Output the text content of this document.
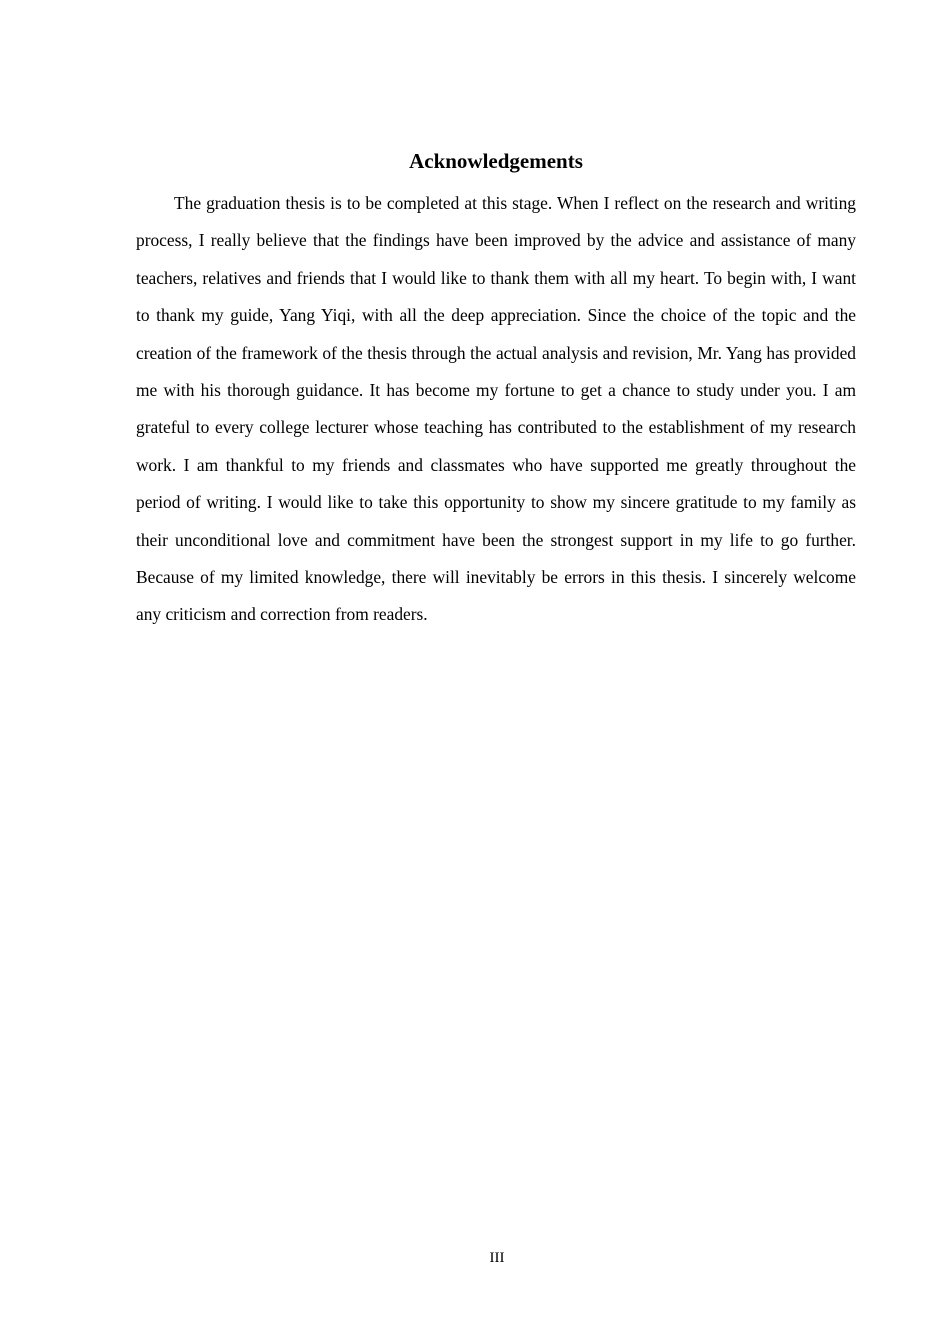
Acknowledgements

The graduation thesis is to be completed at this stage. When I reflect on the research and writing process, I really believe that the findings have been improved by the advice and assistance of many teachers, relatives and friends that I would like to thank them with all my heart. To begin with, I want to thank my guide, Yang Yiqi, with all the deep appreciation. Since the choice of the topic and the creation of the framework of the thesis through the actual analysis and revision, Mr. Yang has provided me with his thorough guidance. It has become my fortune to get a chance to study under you. I am grateful to every college lecturer whose teaching has contributed to the establishment of my research work. I am thankful to my friends and classmates who have supported me greatly throughout the period of writing. I would like to take this opportunity to show my sincere gratitude to my family as their unconditional love and commitment have been the strongest support in my life to go further. Because of my limited knowledge, there will inevitably be errors in this thesis. I sincerely welcome any criticism and correction from readers.

III
